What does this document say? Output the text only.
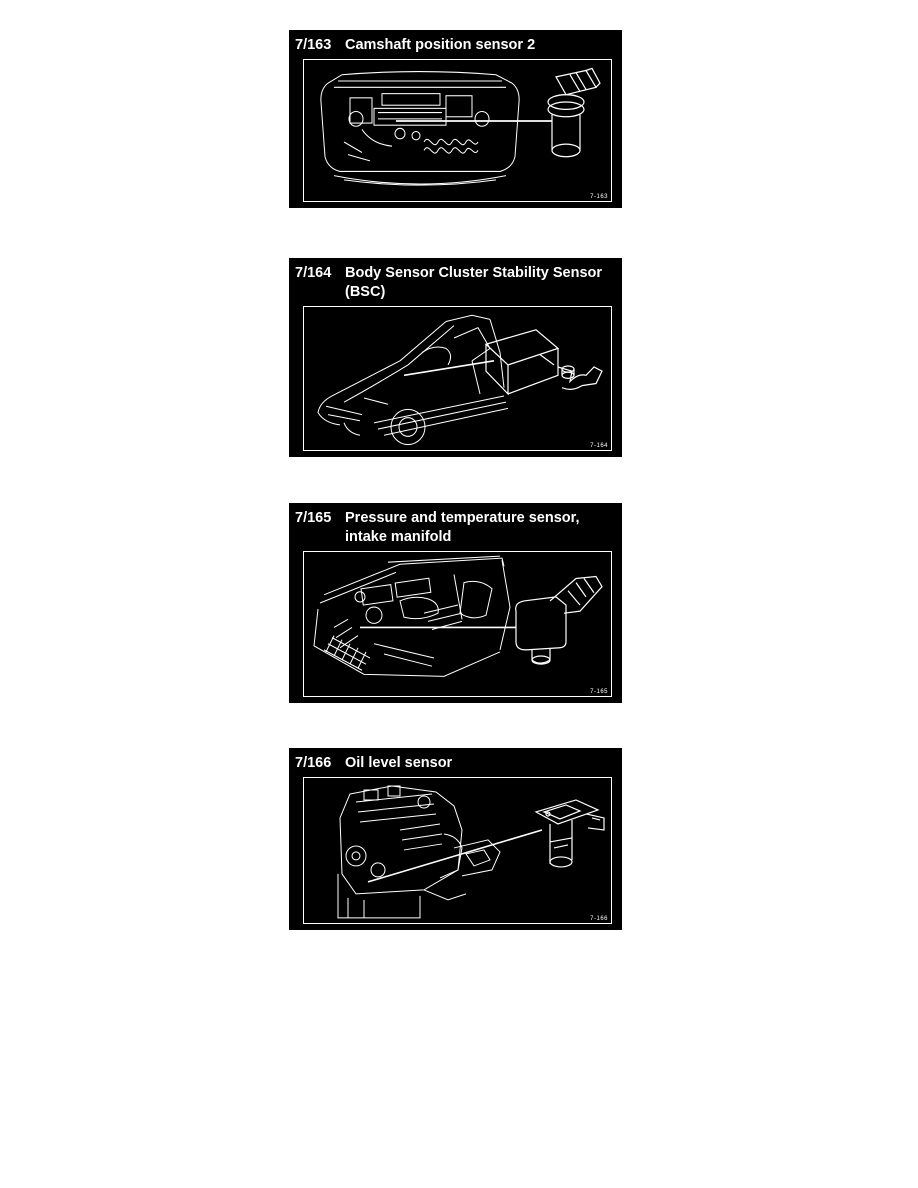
7/163 Camshaft position sensor 2
7-163
7/164 Body Sensor Cluster Stability Sensor
(BSC)
7-164
7/165 Pressure and temperature sensor,
intake manifold
7-165
7/166 Oil level sensor
7-166
